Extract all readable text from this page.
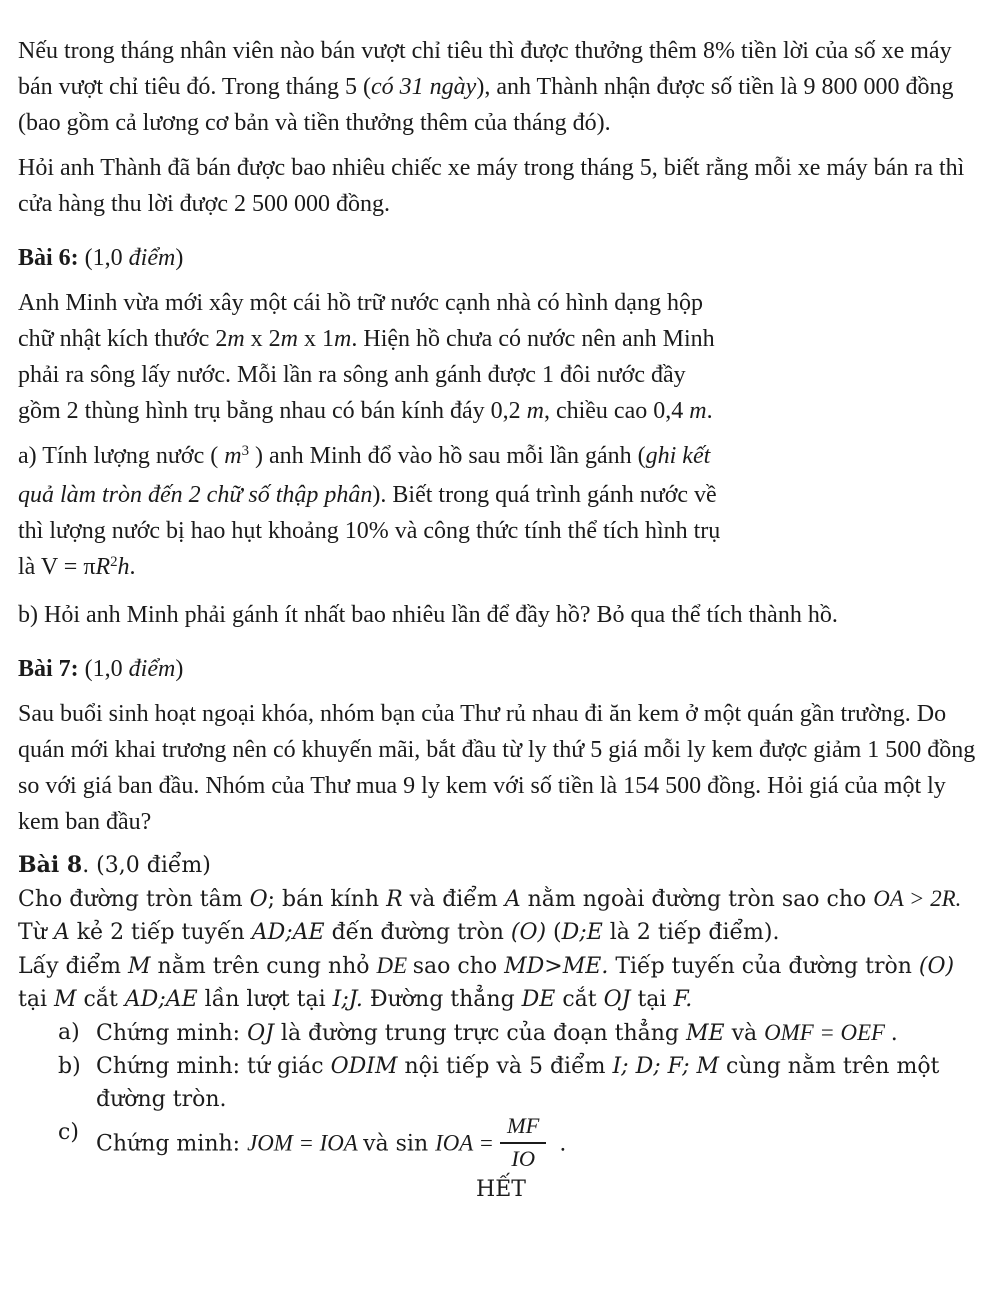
Nếu trong tháng nhân viên nào bán vượt chỉ tiêu thì được thưởng thêm 8% tiền lời của số xe máy bán vượt chỉ tiêu đó. Trong tháng 5 (có 31 ngày), anh Thành nhận được số tiền là 9 800 000 đồng (bao gồm cả lương cơ bản và tiền thưởng thêm của tháng đó).
Hỏi anh Thành đã bán được bao nhiêu chiếc xe máy trong tháng 5, biết rằng mỗi xe máy bán ra thì cửa hàng thu lời được 2 500 000 đồng.
Bài 6: (1,0 điểm)
Anh Minh vừa mới xây một cái hồ trữ nước cạnh nhà có hình dạng hộp chữ nhật kích thước 2m x 2m x 1m. Hiện hồ chưa có nước nên anh Minh phải ra sông lấy nước. Mỗi lần ra sông anh gánh được 1 đôi nước đầy gồm 2 thùng hình trụ bằng nhau có bán kính đáy 0,2 m, chiều cao 0,4 m.
a) Tính lượng nước ( $m^3$ ) anh Minh đổ vào hồ sau mỗi lần gánh (ghi kết quả làm tròn đến 2 chữ số thập phân). Biết trong quá trình gánh nước về thì lượng nước bị hao hụt khoảng 10% và công thức tính thể tích hình trụ là $V = \pi R^2h$.
b) Hỏi anh Minh phải gánh ít nhất bao nhiêu lần để đầy hồ? Bỏ qua thể tích thành hồ.
Bài 7: (1,0 điểm)
Sau buổi sinh hoạt ngoại khóa, nhóm bạn của Thư rủ nhau đi ăn kem ở một quán gần trường. Do quán mới khai trương nên có khuyến mãi, bắt đầu từ ly thứ 5 giá mỗi ly kem được giảm 1 500 đồng so với giá ban đầu. Nhóm của Thư mua 9 ly kem với số tiền là 154 500 đồng. Hỏi giá của một ly kem ban đầu?
Bài 8. (3,0 điểm)
Cho đường tròn tâm O; bán kính R và điểm A nằm ngoài đường tròn sao cho OA > 2R.
Từ A kẻ 2 tiếp tuyến AD;AE đến đường tròn (O) (D;E là 2 tiếp điểm).
Lấy điểm M nằm trên cung nhỏ DE sao cho MD>ME. Tiếp tuyến của đường tròn (O) tại M cắt AD;AE lần lượt tại I;J. Đường thẳng DE cắt OJ tại F.
a) Chứng minh: OJ là đường trung trực của đoạn thẳng ME và OMF = OEF .
b) Chứng minh: tứ giác ODIM nội tiếp và 5 điểm I; D; F; M cùng nằm trên một đường tròn.
c) Chứng minh: JOM = IOA và sin IOA = $\frac{MF}{IO}$ .
HẾT
